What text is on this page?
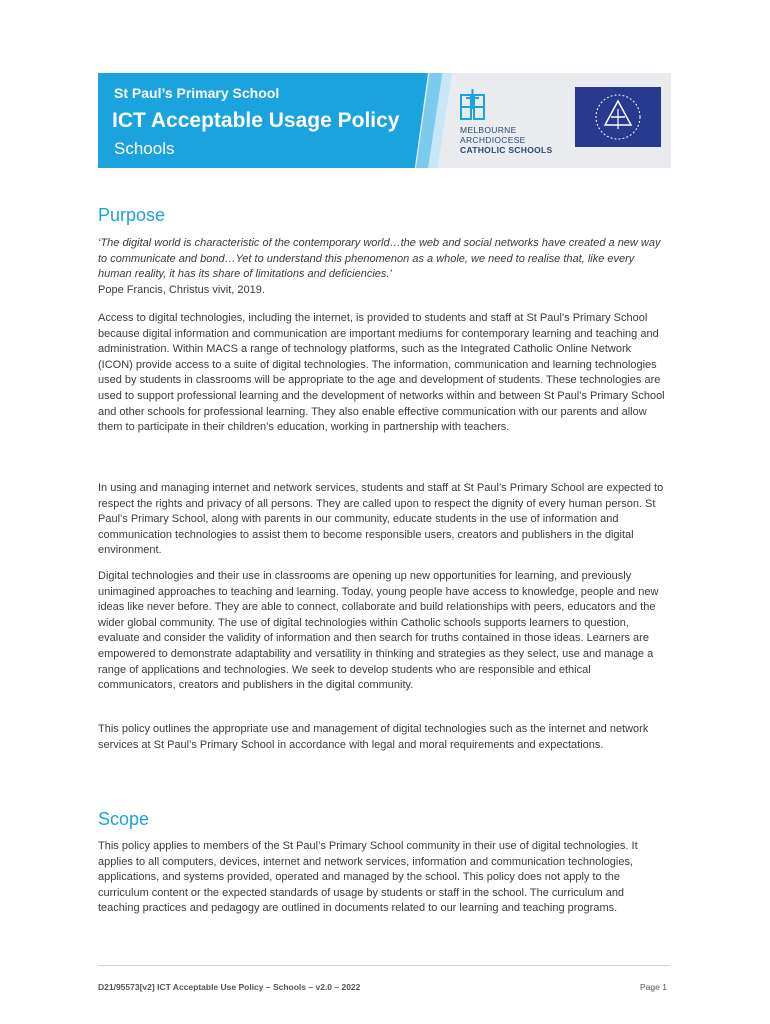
St Paul’s Primary School
ICT Acceptable Usage Policy
Schools
MELBOURNE
ARCHDIOCESE
CATHOLIC SCHOOLS
Purpose

‘The digital world is characteristic of the contemporary world…the web and social networks have created a new way to communicate and bond…Yet to understand this phenomenon as a whole, we need to realise that, like every human reality, it has its share of limitations and deficiencies.’

Pope Francis, Christus vivit, 2019.

Access to digital technologies, including the internet, is provided to students and staff at St Paul’s Primary School because digital information and communication are important mediums for contemporary learning and teaching and administration. Within MACS a range of technology platforms, such as the Integrated Catholic Online Network (ICON) provide access to a suite of digital technologies. The information, communication and learning technologies used by students in classrooms will be appropriate to the age and development of students. These technologies are used to support professional learning and the development of networks within and between St Paul’s Primary School and other schools for professional learning. They also enable effective communication with our parents and allow them to participate in their children’s education, working in partnership with teachers.

In using and managing internet and network services, students and staff at St Paul’s Primary School are expected to respect the rights and privacy of all persons. They are called upon to respect the dignity of every human person. St Paul’s Primary School, along with parents in our community, educate students in the use of information and communication technologies to assist them to become responsible users, creators and publishers in the digital environment.

Digital technologies and their use in classrooms are opening up new opportunities for learning, and previously unimagined approaches to teaching and learning. Today, young people have access to knowledge, people and new ideas like never before. They are able to connect, collaborate and build relationships with peers, educators and the wider global community. The use of digital technologies within Catholic schools supports learners to question, evaluate and consider the validity of information and then search for truths contained in those ideas. Learners are empowered to demonstrate adaptability and versatility in thinking and strategies as they select, use and manage a range of applications and technologies. We seek to develop students who are responsible and ethical communicators, creators and publishers in the digital community.

This policy outlines the appropriate use and management of digital technologies such as the internet and network services at St Paul’s Primary School in accordance with legal and moral requirements and expectations.

Scope

This policy applies to members of the St Paul’s Primary School community in their use of digital technologies. It applies to all computers, devices, internet and network services, information and communication technologies, applications, and systems provided, operated and managed by the school. This policy does not apply to the curriculum content or the expected standards of usage by students or staff in the school. The curriculum and teaching practices and pedagogy are outlined in documents related to our learning and teaching programs.

D21/95573[v2] ICT Acceptable Use Policy – Schools – v2.0 – 2022	Page 1
